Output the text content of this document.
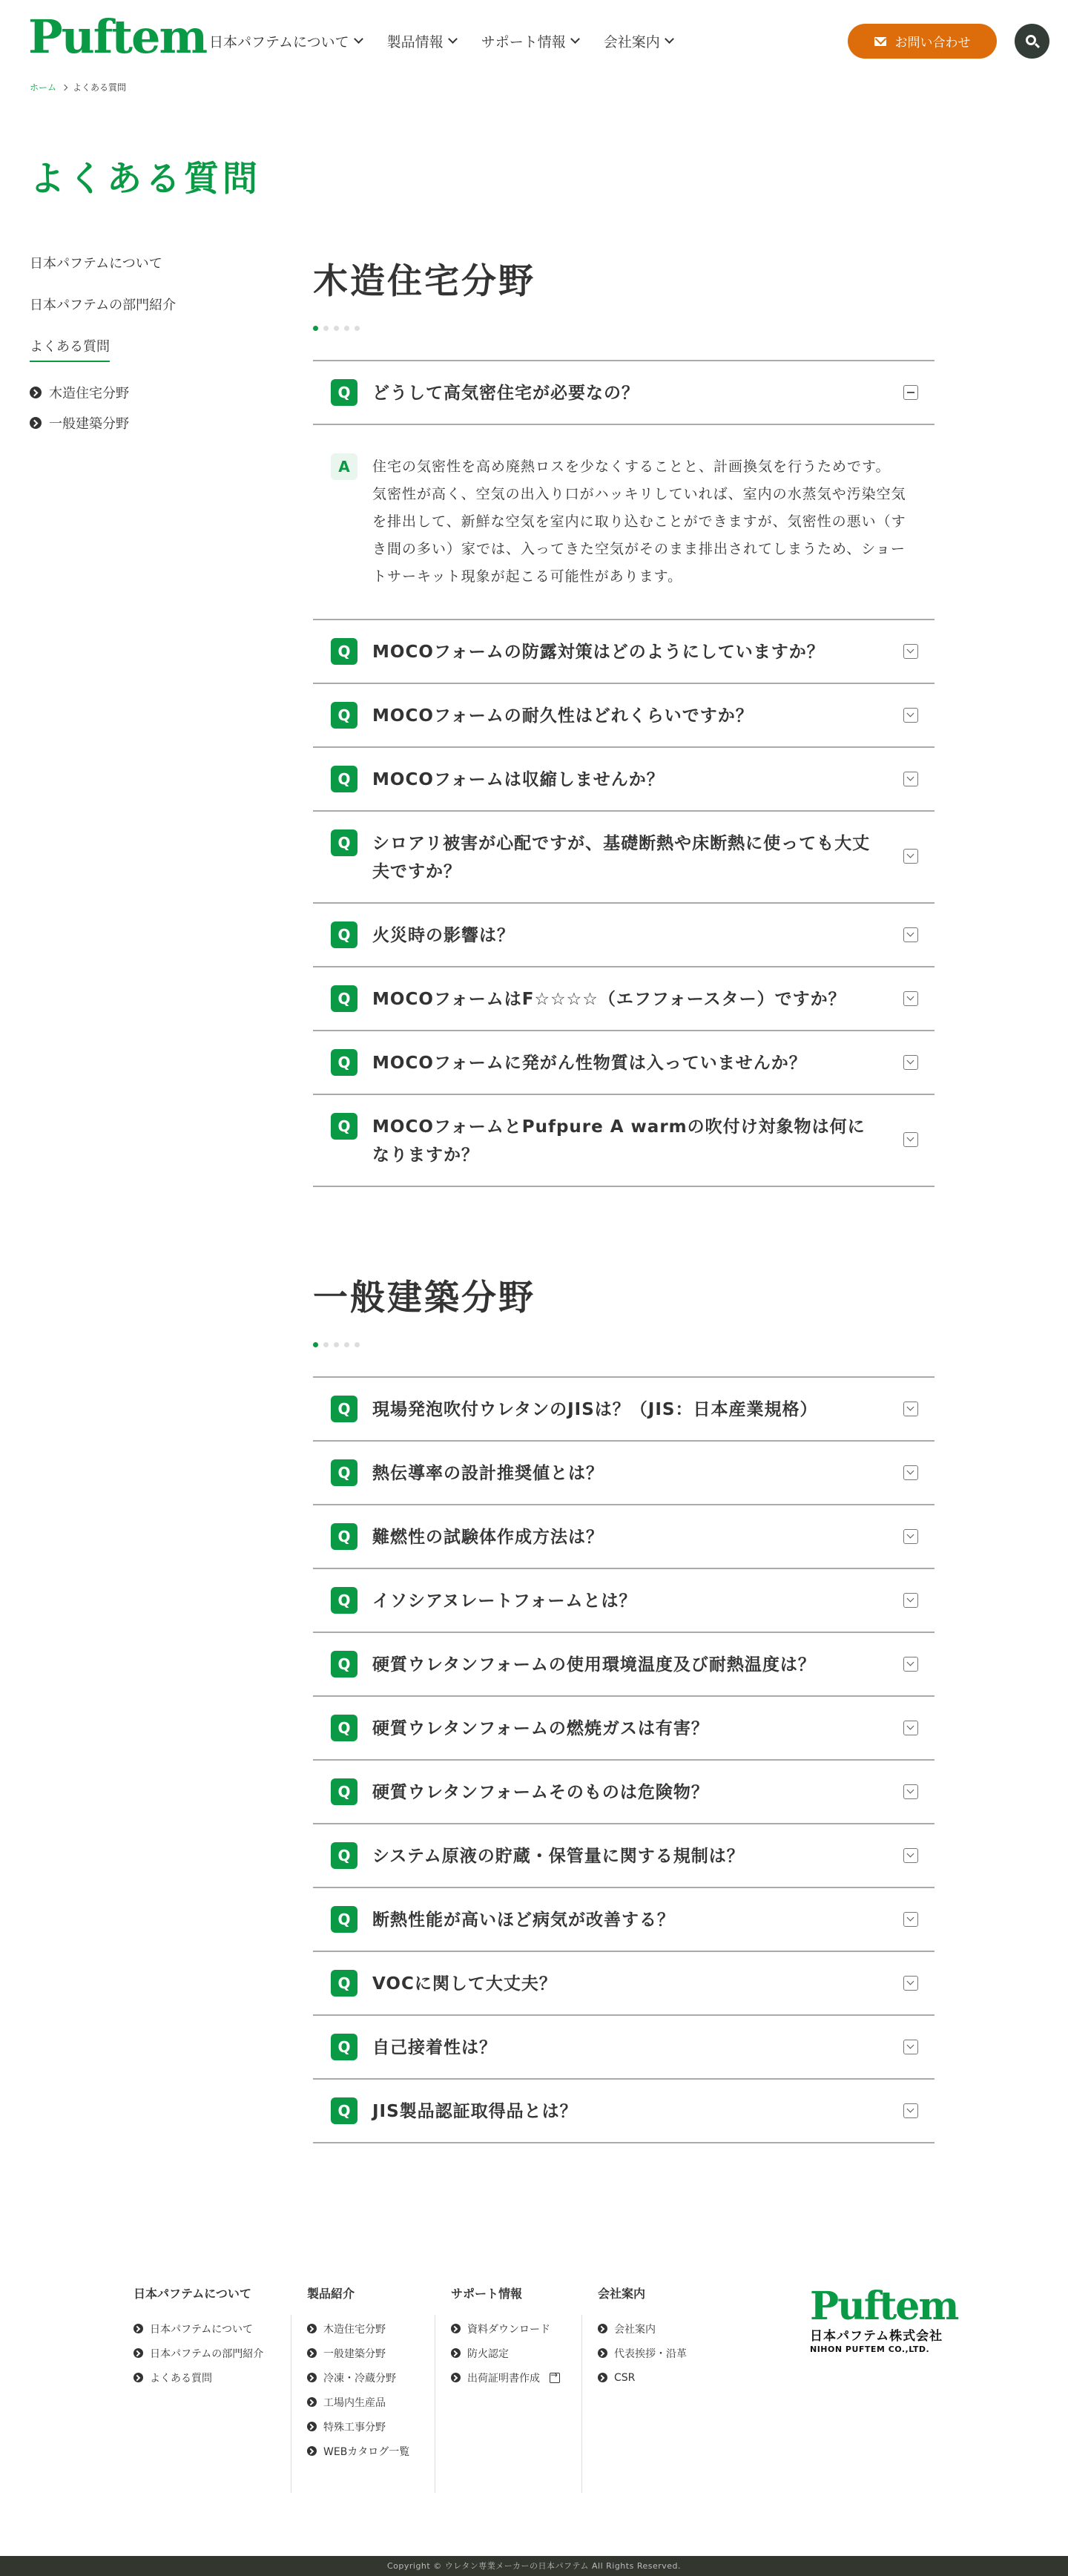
Puftem 日本パフテムについて	製品情報	サポート情報	会社案内	お問い合わせ
ホーム よくある質問
よくある質問
日本パフテムについて
日本パフテムの部門紹介
よくある質問
木造住宅分野
一般建築分野
木造住宅分野
Q	どうして高気密住宅が必要なの？
A	住宅の気密性を高め廃熱ロスを少なくすることと、計画換気を行うためです。
気密性が高く、空気の出入り口がハッキリしていれば、室内の水蒸気や汚染空気を排出して、新鮮な空気を室内に取り込むことができますが、気密性の悪い（すき間の多い）家では、入ってきた空気がそのまま排出されてしまうため、ショートサーキット現象が起こる可能性があります。
Q	MOCOフォームの防露対策はどのようにしていますか？
Q	MOCOフォームの耐久性はどれくらいですか？
Q	MOCOフォームは収縮しませんか？
Q	シロアリ被害が心配ですが、基礎断熱や床断熱に使っても大丈夫ですか？
Q	火災時の影響は？
Q	MOCOフォームはF☆☆☆☆（エフフォースター）ですか？
Q	MOCOフォームに発がん性物質は入っていませんか？
Q	MOCOフォームとPufpure A warmの吹付け対象物は何になりますか？
一般建築分野
Q	現場発泡吹付ウレタンのJISは？（JIS：日本産業規格）
Q	熱伝導率の設計推奨値とは？
Q	難燃性の試験体作成方法は？
Q	イソシアヌレートフォームとは？
Q	硬質ウレタンフォームの使用環境温度及び耐熱温度は？
Q	硬質ウレタンフォームの燃焼ガスは有害？
Q	硬質ウレタンフォームそのものは危険物？
Q	システム原液の貯蔵・保管量に関する規制は？
Q	断熱性能が高いほど病気が改善する？
Q	VOCに関して大丈夫？
Q	自己接着性は？
Q	JIS製品認証取得品とは？
日本パフテムについて
日本パフテムについて
日本パフテムの部門紹介
よくある質問
製品紹介
木造住宅分野
一般建築分野
冷凍・冷蔵分野
工場内生産品
特殊工事分野
WEBカタログ一覧
サポート情報
資料ダウンロード
防火認定
出荷証明書作成
→
会社案内
会社案内
代表挨拶・沿革
CSR
Puftem
日本パフテム株式会社
NIHON PUFTEM CO.,LTD.
Copyright © ウレタン専業メーカーの日本パフテム All Rights Reserved.
